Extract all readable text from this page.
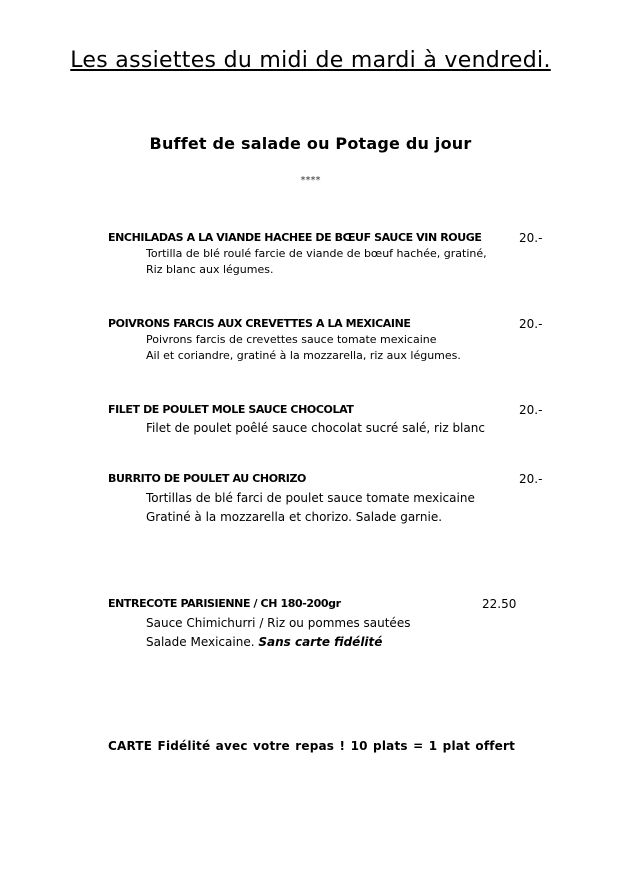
Les assiettes du midi de mardi à vendredi.
Buffet de salade ou Potage du jour
****
ENCHILADAS A LA VIANDE HACHEE DE BŒUF SAUCE VIN ROUGE	20.-
Tortilla de blé roulé farcie de viande de bœuf hachée, gratiné,
Riz blanc aux légumes.
POIVRONS FARCIS AUX CREVETTES A LA MEXICAINE	20.-
Poivrons farcis de crevettes sauce tomate mexicaine
Ail et coriandre, gratiné à la mozzarella, riz aux légumes.
FILET DE POULET MOLE SAUCE CHOCOLAT	20.-
Filet de poulet poêlé sauce chocolat sucré salé, riz blanc
BURRITO DE POULET AU CHORIZO	20.-
Tortillas de blé farci de poulet sauce tomate mexicaine
Gratiné à la mozzarella et chorizo. Salade garnie.
ENTRECOTE PARISIENNE / CH 180-200gr	22.50
Sauce Chimichurri / Riz ou pommes sautées
Salade Mexicaine. Sans carte fidélité
CARTE Fidélité avec votre repas ! 10 plats = 1 plat offert
